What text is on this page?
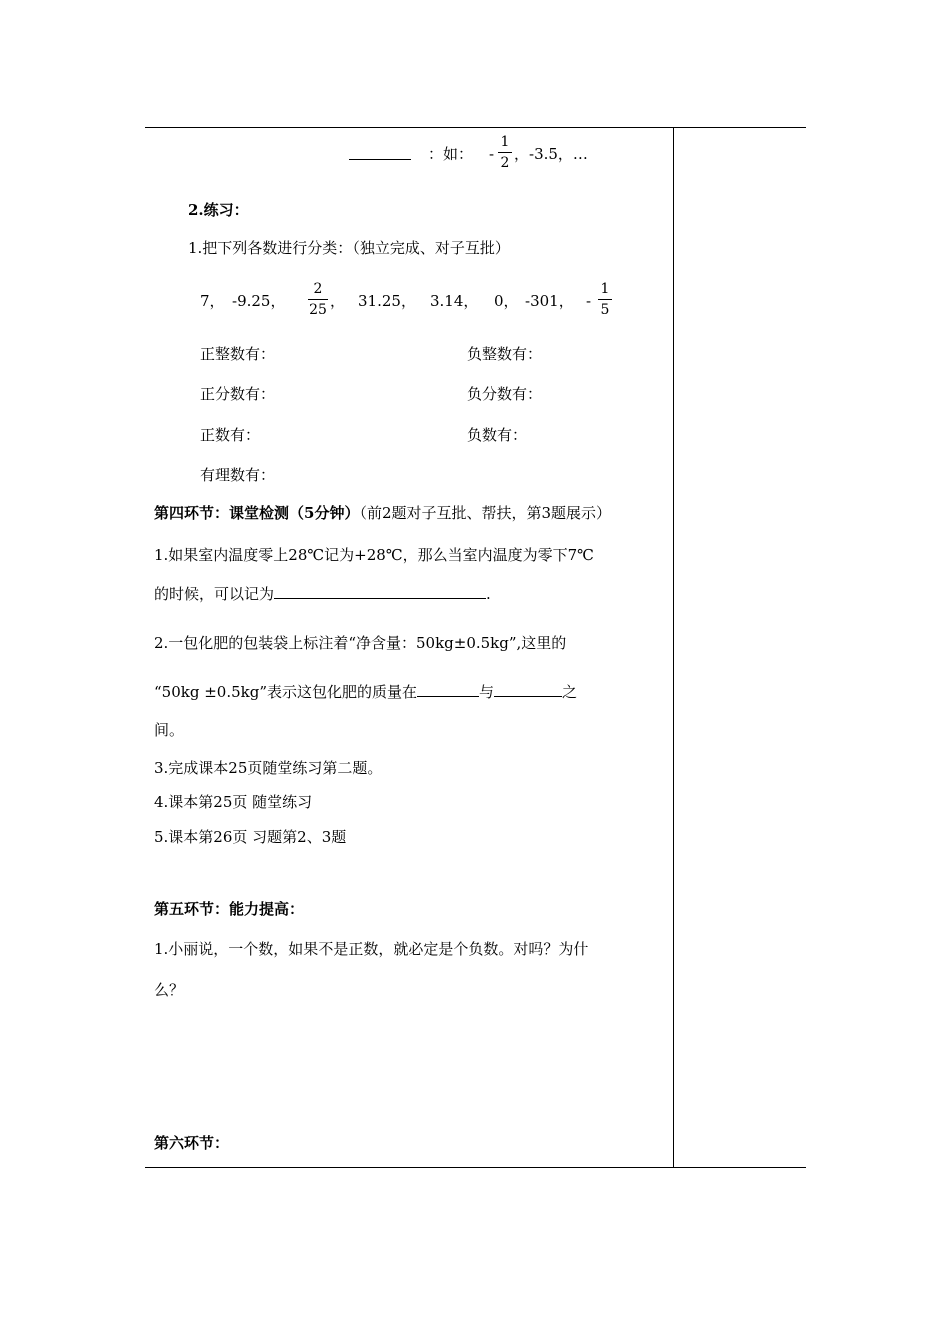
：如： -
1
2 ，-3.5，…
2.练习：
1.把下列各数进行分类：（独立完成、对子互批）
7， -9.25，
2
25 ， 31.25， 3.14， 0， -301， -
1
5
正整数有：	负整数有：
正分数有：	负分数有：
正数有：	负数有：
有理数有：
第四环节：课堂检测（5分钟）（前2题对子互批、帮扶，第3题展示）
1.如果室内温度零上28℃记为+28℃，那么当室内温度为零下7℃
的时候，可以记为	.
2.一包化肥的包装袋上标注着“净含量：50kg±0.5kg”,这里的
“50kg ±0.5kg”表示这包化肥的质量在	与	之
间。
3.完成课本25页随堂练习第二题。
4.课本第25页 随堂练习
5.课本第26页 习题第2、3题
第五环节：能力提高：
1.小丽说，一个数，如果不是正数，就必定是个负数。对吗？为什
么？
第六环节：
